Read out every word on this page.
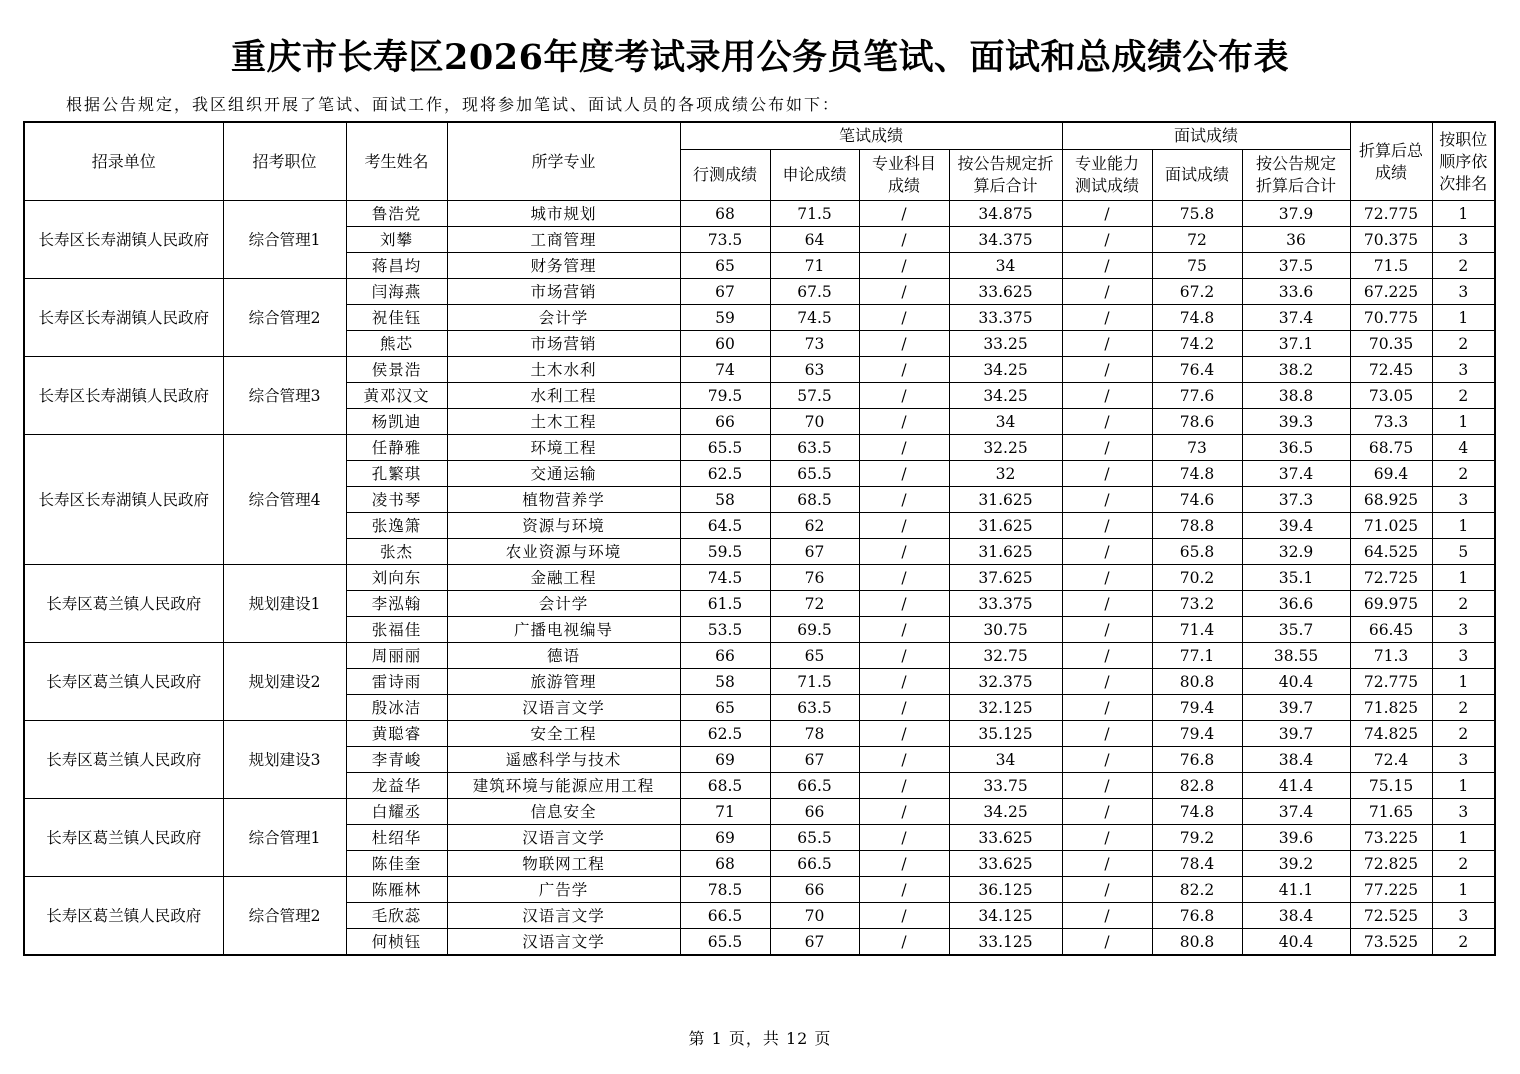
重庆市长寿区2026年度考试录用公务员笔试、面试和总成绩公布表
根据公告规定，我区组织开展了笔试、面试工作，现将参加笔试、面试人员的各项成绩公布如下：
招录单位	招考职位	考生姓名	所学专业	笔试成绩				面试成绩			折算后总成绩	按职位顺序依次排名
				行测成绩	申论成绩	专业科目成绩	按公告规定折算后合计	专业能力测试成绩	面试成绩	按公告规定折算后合计		
长寿区长寿湖镇人民政府	综合管理1	鲁浩党	城市规划	68	71.5	/	34.875	/	75.8	37.9	72.775	1
		刘攀	工商管理	73.5	64	/	34.375	/	72	36	70.375	3
		蒋昌均	财务管理	65	71	/	34	/	75	37.5	71.5	2
长寿区长寿湖镇人民政府	综合管理2	闫海燕	市场营销	67	67.5	/	33.625	/	67.2	33.6	67.225	3
		祝佳钰	会计学	59	74.5	/	33.375	/	74.8	37.4	70.775	1
		熊芯	市场营销	60	73	/	33.25	/	74.2	37.1	70.35	2
长寿区长寿湖镇人民政府	综合管理3	侯景浩	土木水利	74	63	/	34.25	/	76.4	38.2	72.45	3
		黄邓汉文	水利工程	79.5	57.5	/	34.25	/	77.6	38.8	73.05	2
		杨凯迪	土木工程	66	70	/	34	/	78.6	39.3	73.3	1
长寿区长寿湖镇人民政府	综合管理4	任静雅	环境工程	65.5	63.5	/	32.25	/	73	36.5	68.75	4
		孔繁琪	交通运输	62.5	65.5	/	32	/	74.8	37.4	69.4	2
		凌书琴	植物营养学	58	68.5	/	31.625	/	74.6	37.3	68.925	3
		张逸箫	资源与环境	64.5	62	/	31.625	/	78.8	39.4	71.025	1
		张杰	农业资源与环境	59.5	67	/	31.625	/	65.8	32.9	64.525	5
长寿区葛兰镇人民政府	规划建设1	刘向东	金融工程	74.5	76	/	37.625	/	70.2	35.1	72.725	1
		李泓翰	会计学	61.5	72	/	33.375	/	73.2	36.6	69.975	2
		张福佳	广播电视编导	53.5	69.5	/	30.75	/	71.4	35.7	66.45	3
长寿区葛兰镇人民政府	规划建设2	周丽丽	德语	66	65	/	32.75	/	77.1	38.55	71.3	3
		雷诗雨	旅游管理	58	71.5	/	32.375	/	80.8	40.4	72.775	1
		殷冰洁	汉语言文学	65	63.5	/	32.125	/	79.4	39.7	71.825	2
长寿区葛兰镇人民政府	规划建设3	黄聪睿	安全工程	62.5	78	/	35.125	/	79.4	39.7	74.825	2
		李青峻	遥感科学与技术	69	67	/	34	/	76.8	38.4	72.4	3
		龙益华	建筑环境与能源应用工程	68.5	66.5	/	33.75	/	82.8	41.4	75.15	1
长寿区葛兰镇人民政府	综合管理1	白耀丞	信息安全	71	66	/	34.25	/	74.8	37.4	71.65	3
		杜绍华	汉语言文学	69	65.5	/	33.625	/	79.2	39.6	73.225	1
		陈佳奎	物联网工程	68	66.5	/	33.625	/	78.4	39.2	72.825	2
长寿区葛兰镇人民政府	综合管理2	陈雁林	广告学	78.5	66	/	36.125	/	82.2	41.1	77.225	1
		毛欣蕊	汉语言文学	66.5	70	/	34.125	/	76.8	38.4	72.525	3
		何桢钰	汉语言文学	65.5	67	/	33.125	/	80.8	40.4	73.525	2
第 1 页，共 12 页
